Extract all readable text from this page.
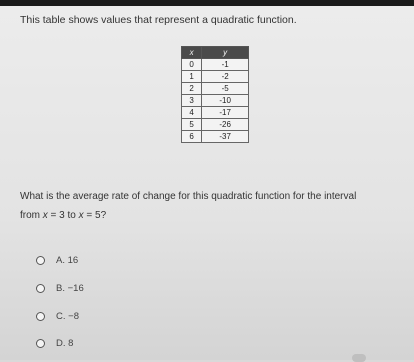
This table shows values that represent a quadratic function.

x	y
0	-1
1	-2
2	-5
3	-10
4	-17
5	-26
6	-37

What is the average rate of change for this quadratic function for the interval
from x = 3 to x = 5?

A. 16
B. −16
C. −8
D. 8
